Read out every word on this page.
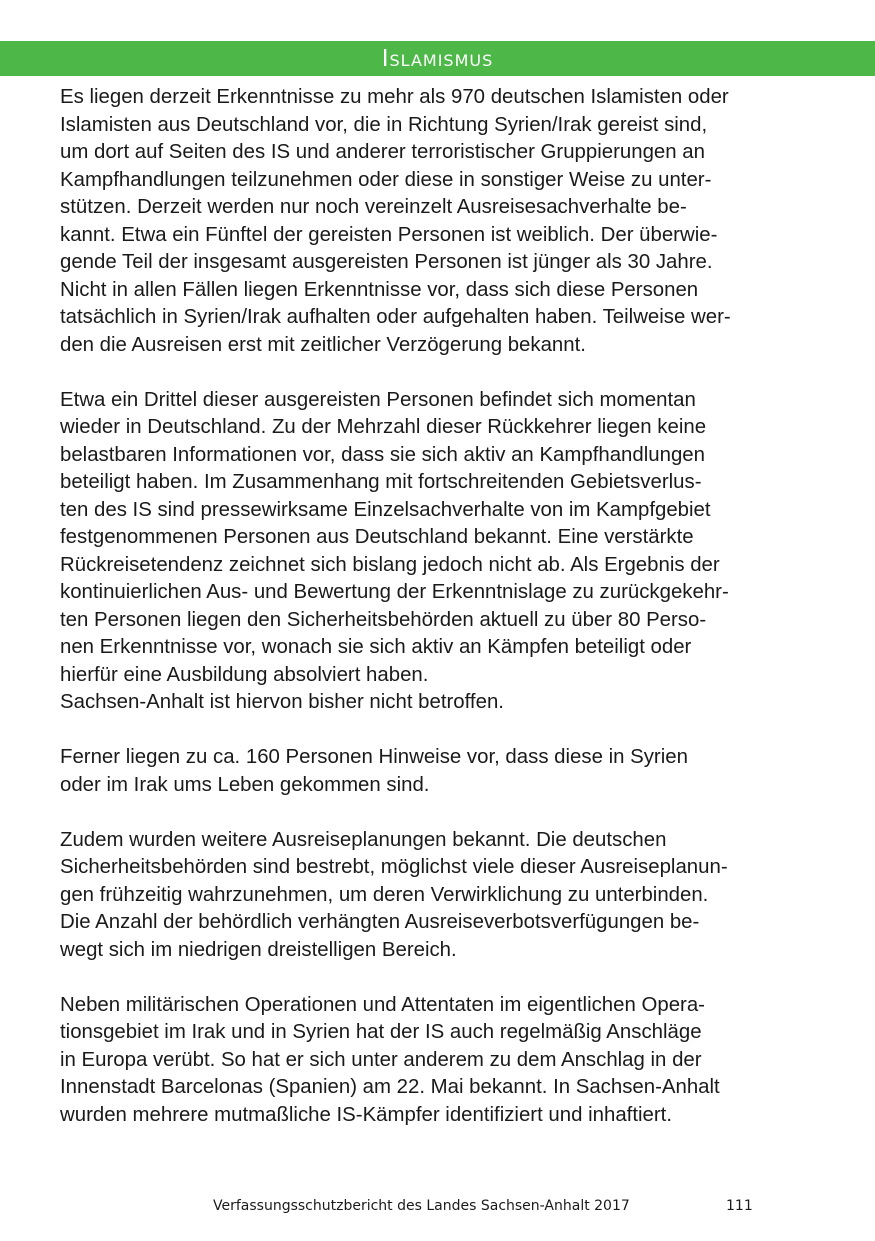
Islamismus

Es liegen derzeit Erkenntnisse zu mehr als 970 deutschen Islamisten oder
Islamisten aus Deutschland vor, die in Richtung Syrien/Irak gereist sind,
um dort auf Seiten des IS und anderer terroristischer Gruppierungen an
Kampfhandlungen teilzunehmen oder diese in sonstiger Weise zu unter-
stützen. Derzeit werden nur noch vereinzelt Ausreisesachverhalte be-
kannt. Etwa ein Fünftel der gereisten Personen ist weiblich. Der überwie-
gende Teil der insgesamt ausgereisten Personen ist jünger als 30 Jahre.
Nicht in allen Fällen liegen Erkenntnisse vor, dass sich diese Personen
tatsächlich in Syrien/Irak aufhalten oder aufgehalten haben. Teilweise wer-
den die Ausreisen erst mit zeitlicher Verzögerung bekannt.

Etwa ein Drittel dieser ausgereisten Personen befindet sich momentan
wieder in Deutschland. Zu der Mehrzahl dieser Rückkehrer liegen keine
belastbaren Informationen vor, dass sie sich aktiv an Kampfhandlungen
beteiligt haben. Im Zusammenhang mit fortschreitenden Gebietsverlus-
ten des IS sind pressewirksame Einzelsachverhalte von im Kampfgebiet
festgenommenen Personen aus Deutschland bekannt. Eine verstärkte
Rückreisetendenz zeichnet sich bislang jedoch nicht ab. Als Ergebnis der
kontinuierlichen Aus- und Bewertung der Erkenntnislage zu zurückgekehr-
ten Personen liegen den Sicherheitsbehörden aktuell zu über 80 Perso-
nen Erkenntnisse vor, wonach sie sich aktiv an Kämpfen beteiligt oder
hierfür eine Ausbildung absolviert haben.
Sachsen-Anhalt ist hiervon bisher nicht betroffen.

Ferner liegen zu ca. 160 Personen Hinweise vor, dass diese in Syrien
oder im Irak ums Leben gekommen sind.

Zudem wurden weitere Ausreiseplanungen bekannt. Die deutschen
Sicherheitsbehörden sind bestrebt, möglichst viele dieser Ausreiseplanun-
gen frühzeitig wahrzunehmen, um deren Verwirklichung zu unterbinden.
Die Anzahl der behördlich verhängten Ausreiseverbotsverfügungen be-
wegt sich im niedrigen dreistelligen Bereich.

Neben militärischen Operationen und Attentaten im eigentlichen Opera-
tionsgebiet im Irak und in Syrien hat der IS auch regelmäßig Anschläge
in Europa verübt. So hat er sich unter anderem zu dem Anschlag in der
Innenstadt Barcelonas (Spanien) am 22. Mai bekannt. In Sachsen-Anhalt
wurden mehrere mutmaßliche IS-Kämpfer identifiziert und inhaftiert.

Verfassungsschutzbericht des Landes Sachsen-Anhalt 2017	111
